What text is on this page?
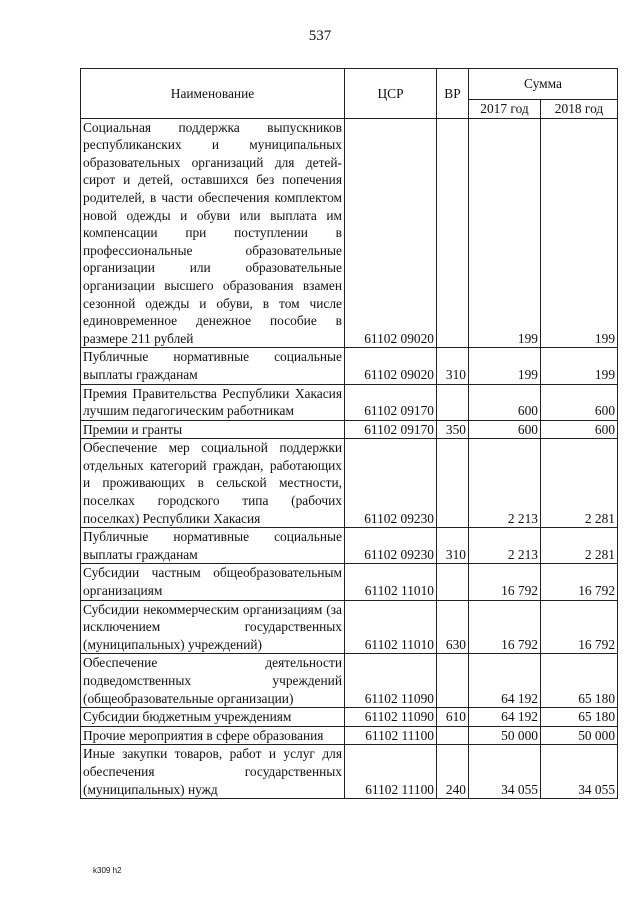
537
Наименование	ЦСР	ВР	Сумма	
			2017 год	2018 год
Социальная поддержка выпускников республиканских и муниципальных образовательных организаций для детей-сирот и детей, оставшихся без попечения родителей, в части обеспечения комплектом новой одежды и обуви или выплата им компенсации при поступлении в профессиональные образовательные организации или образовательные организации высшего образования взамен сезонной одежды и обуви, в том числе единовременное денежное пособие в размере 211 рублей	61102 09020		199	199
Публичные нормативные социальные выплаты гражданам	61102 09020	310	199	199
Премия Правительства Республики Хакасия лучшим педагогическим работникам	61102 09170		600	600
Премии и гранты	61102 09170	350	600	600
Обеспечение мер социальной поддержки отдельных категорий граждан, работающих и проживающих в сельской местности, поселках городского типа (рабочих поселках) Республики Хакасия	61102 09230		2 213	2 281
Публичные нормативные социальные выплаты гражданам	61102 09230	310	2 213	2 281
Субсидии частным общеобразовательным организациям	61102 11010		16 792	16 792
Субсидии некоммерческим организациям (за исключением государственных (муниципальных) учреждений)	61102 11010	630	16 792	16 792
Обеспечение деятельности подведомственных учреждений (общеобразовательные организации)	61102 11090		64 192	65 180
Субсидии бюджетным учреждениям	61102 11090	610	64 192	65 180
Прочие мероприятия в сфере образования	61102 11100		50 000	50 000
Иные закупки товаров, работ и услуг для обеспечения государственных (муниципальных) нужд	61102 11100	240	34 055	34 055
k309 h2
